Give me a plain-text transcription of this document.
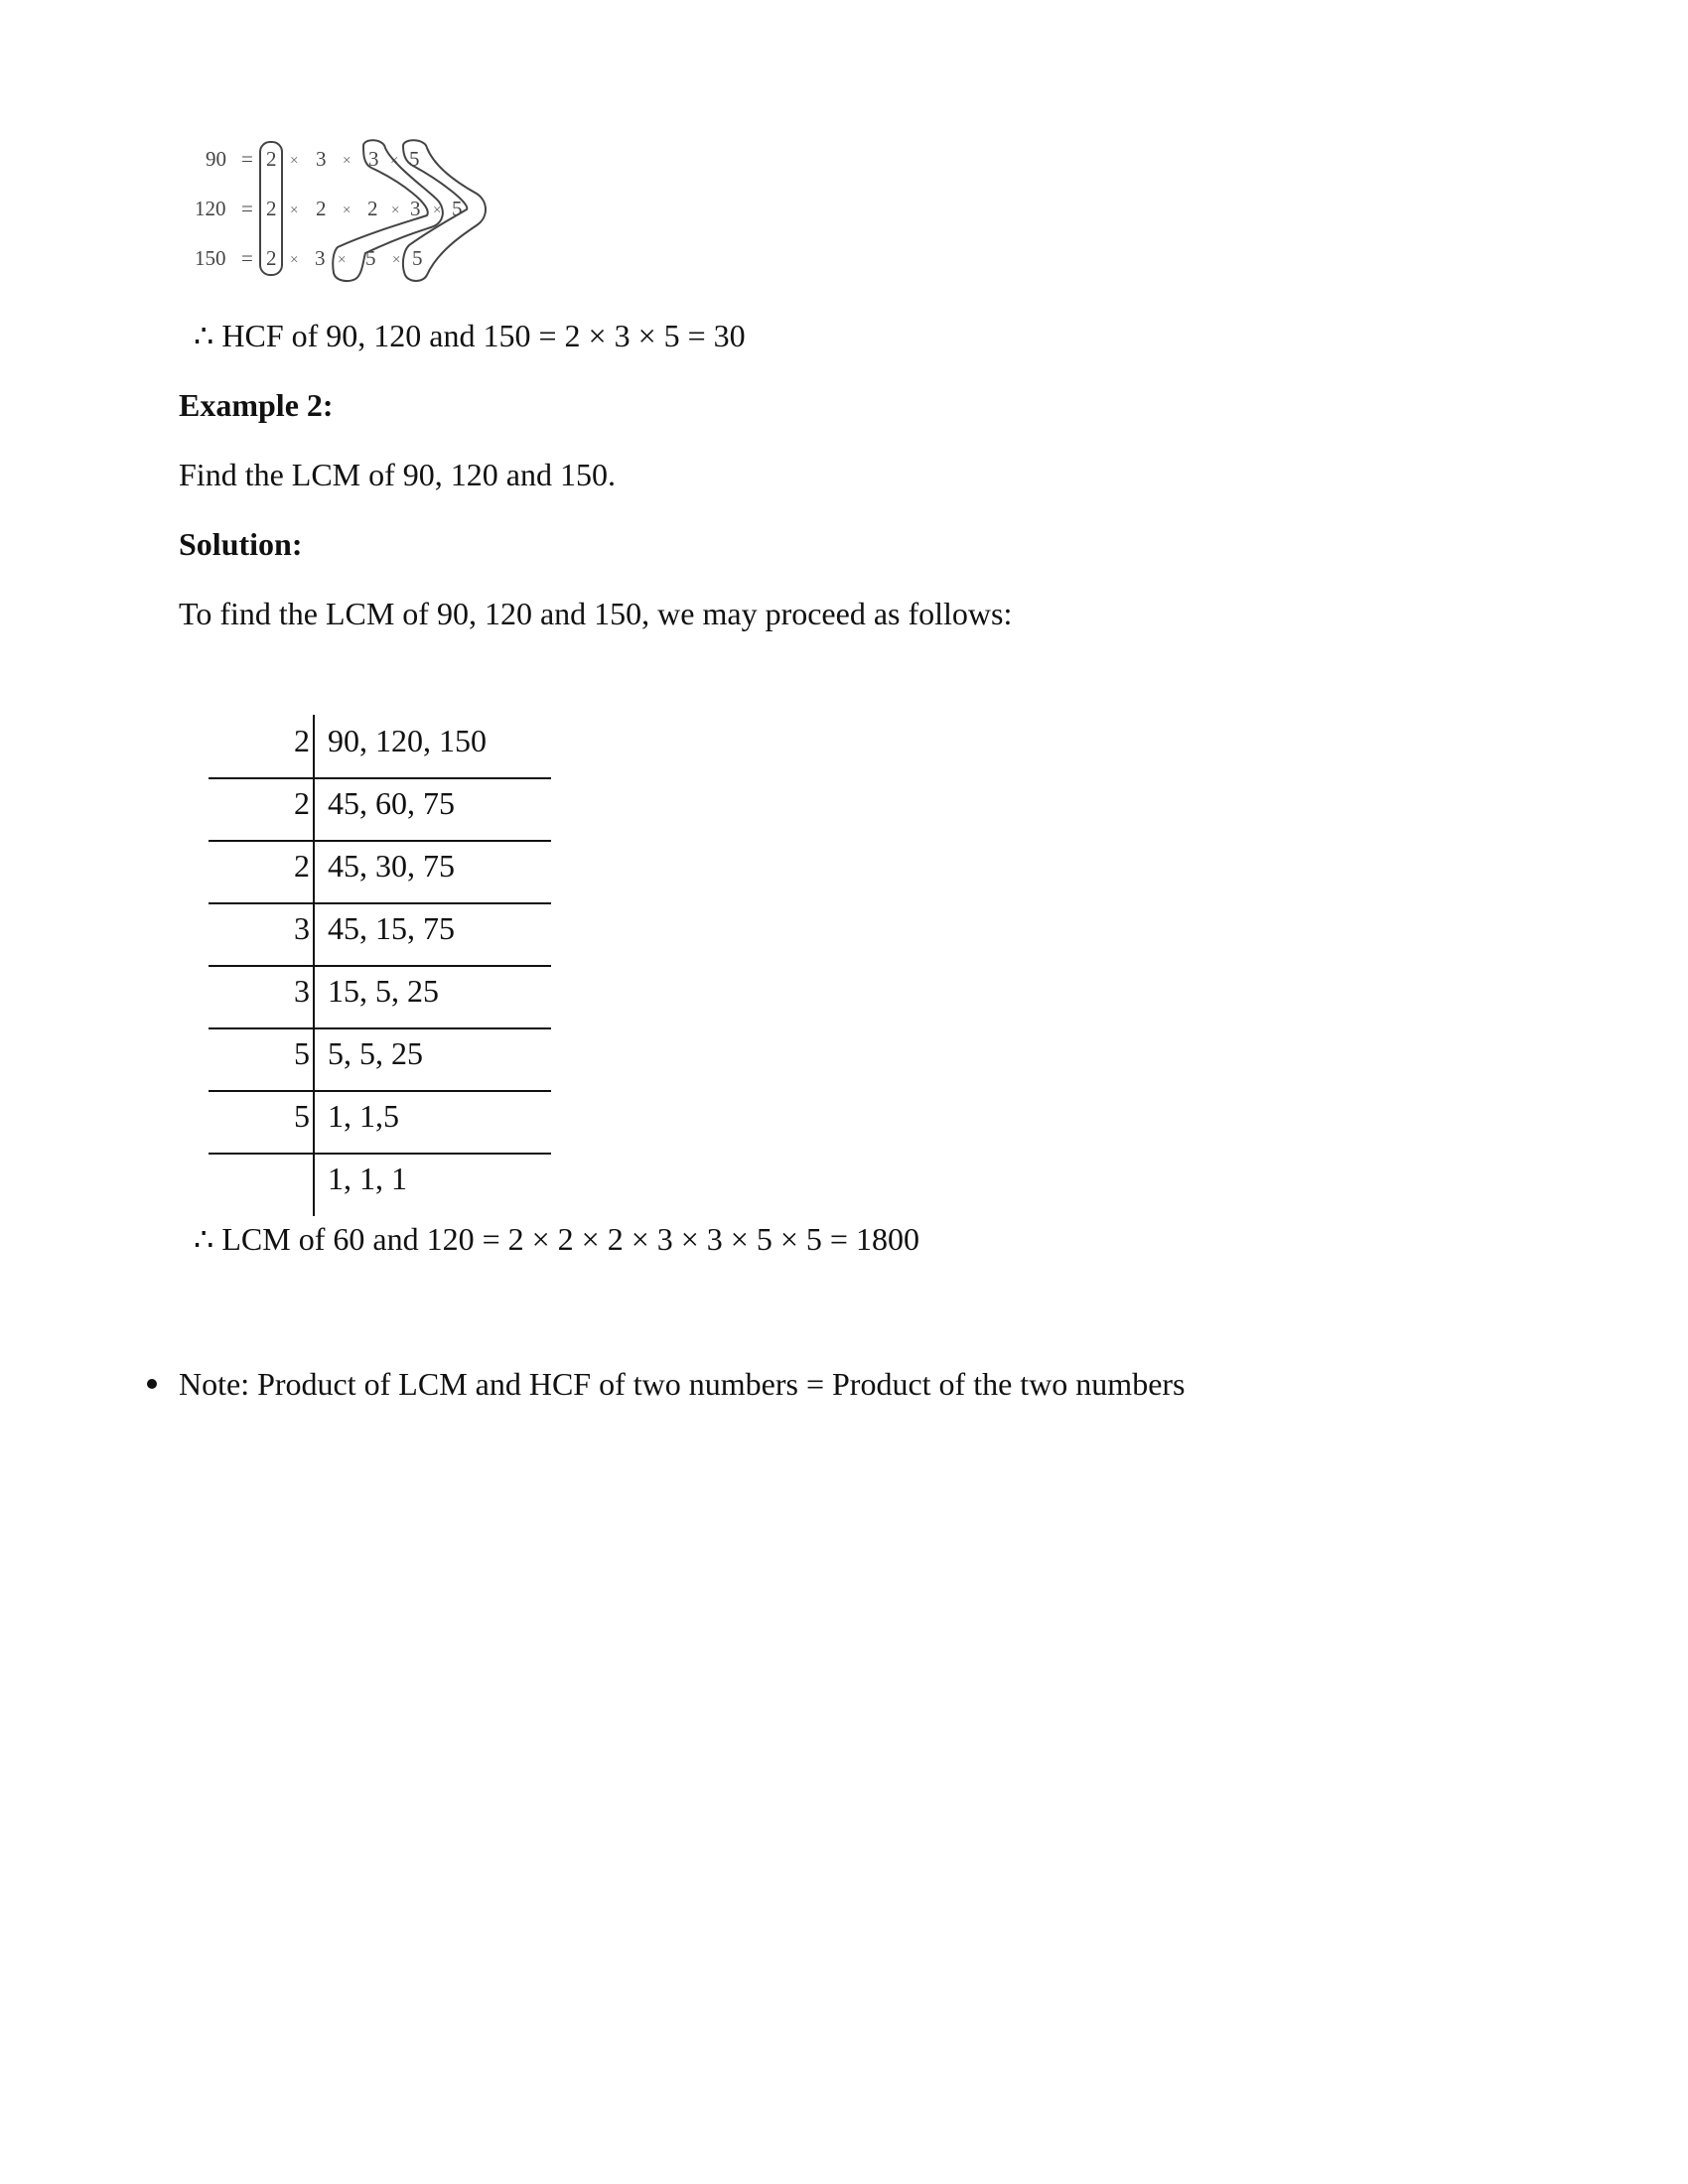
90 = 2 × 3 × 3 × 5
120 = 2 × 2 × 2 × 3 × 5
150 = 2 × 3 × 5 × 5
∴ HCF of 90, 120 and 150 = 2 × 3 × 5 = 30
Example 2:
Find the LCM of 90, 120 and 150.
Solution:
To find the LCM of 90, 120 and 150, we may proceed as follows:
2 90, 120, 150
2 45, 60, 75
2 45, 30, 75
3 45, 15, 75
3 15, 5, 25
5 5, 5, 25
5 1, 1,5
1, 1, 1
∴ LCM of 60 and 120 = 2 × 2 × 2 × 3 × 3 × 5 × 5 = 1800
Note: Product of LCM and HCF of two numbers = Product of the two numbers
